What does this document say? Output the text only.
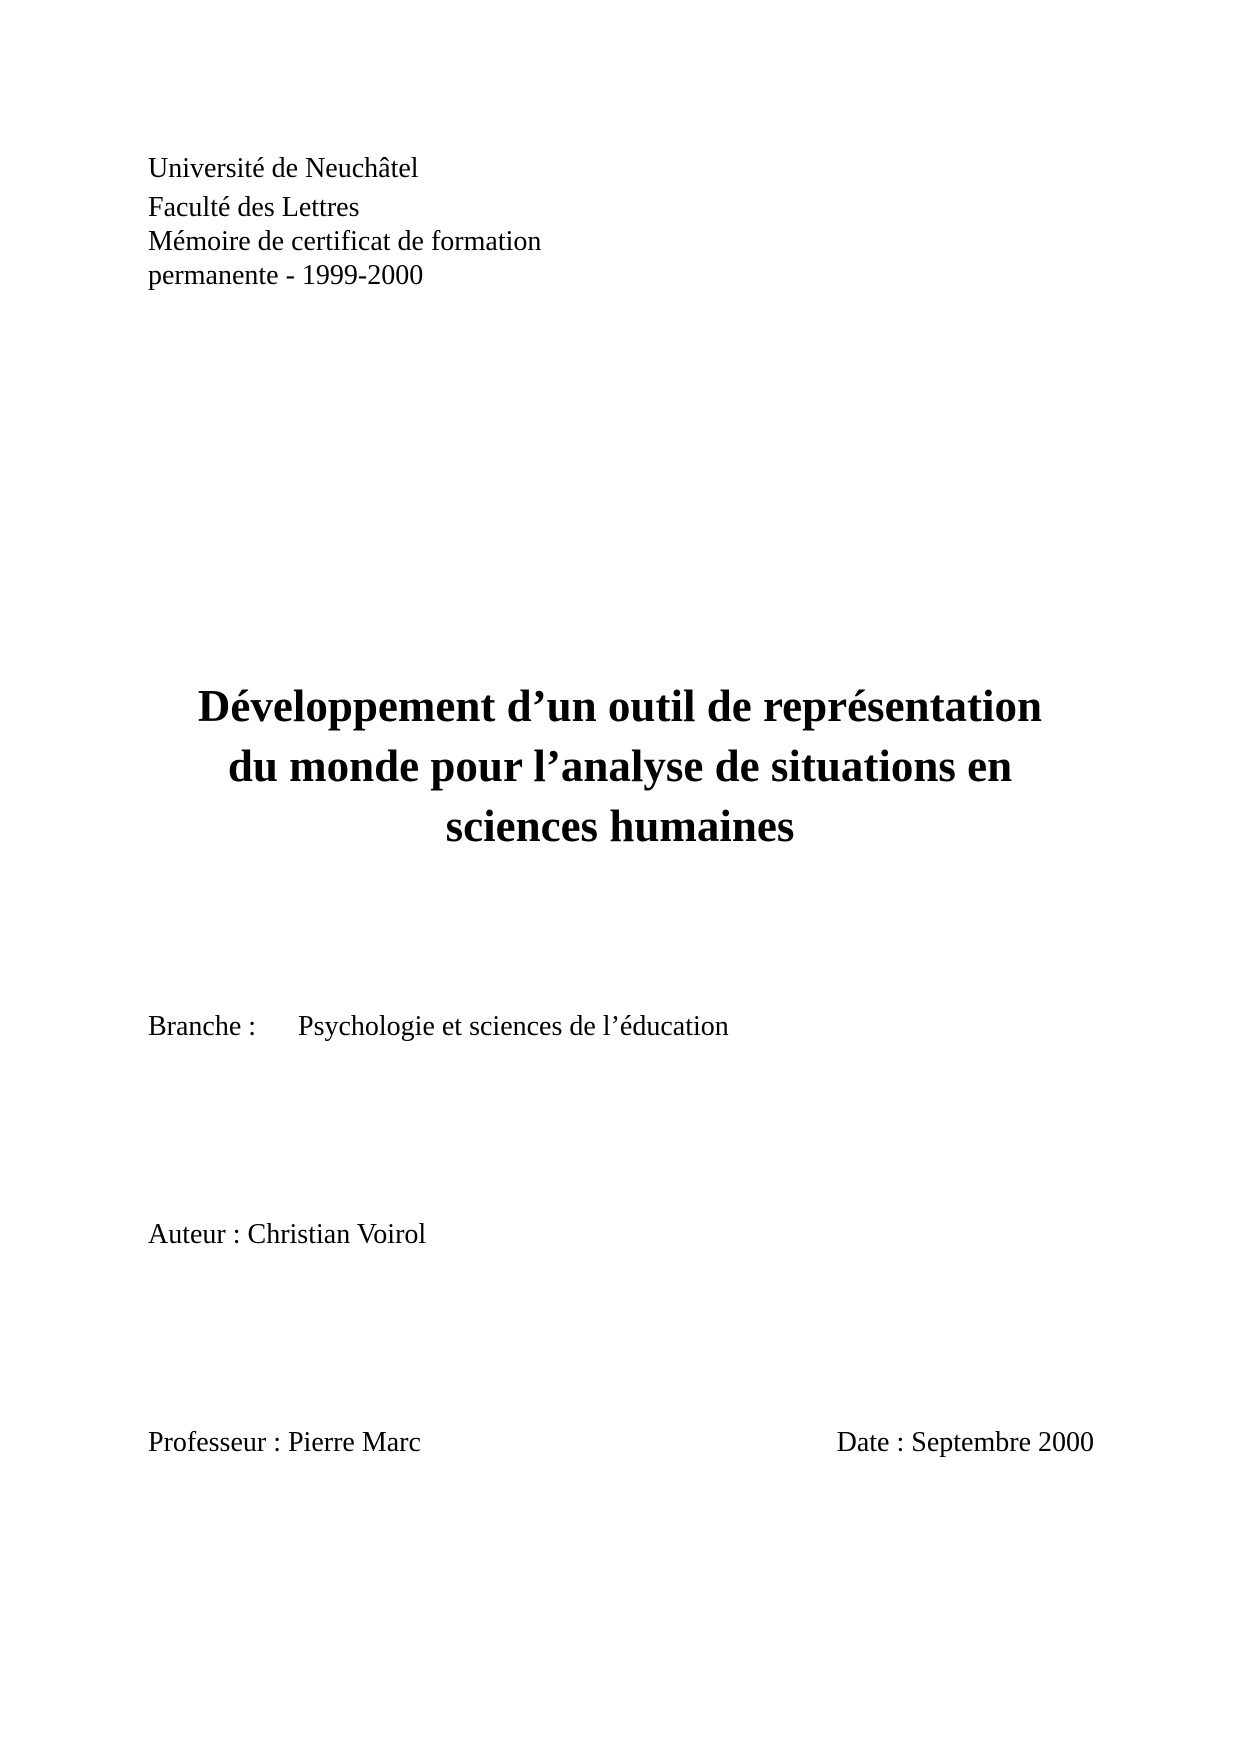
Université de Neuchâtel
Faculté des Lettres
Mémoire de certificat de formation
permanente - 1999-2000
Développement d’un outil de représentation
du monde pour l’analyse de situations en
sciences humaines
Branche : Psychologie et sciences de l’éducation
Auteur : Christian Voirol
Professeur : Pierre Marc	Date : Septembre 2000
